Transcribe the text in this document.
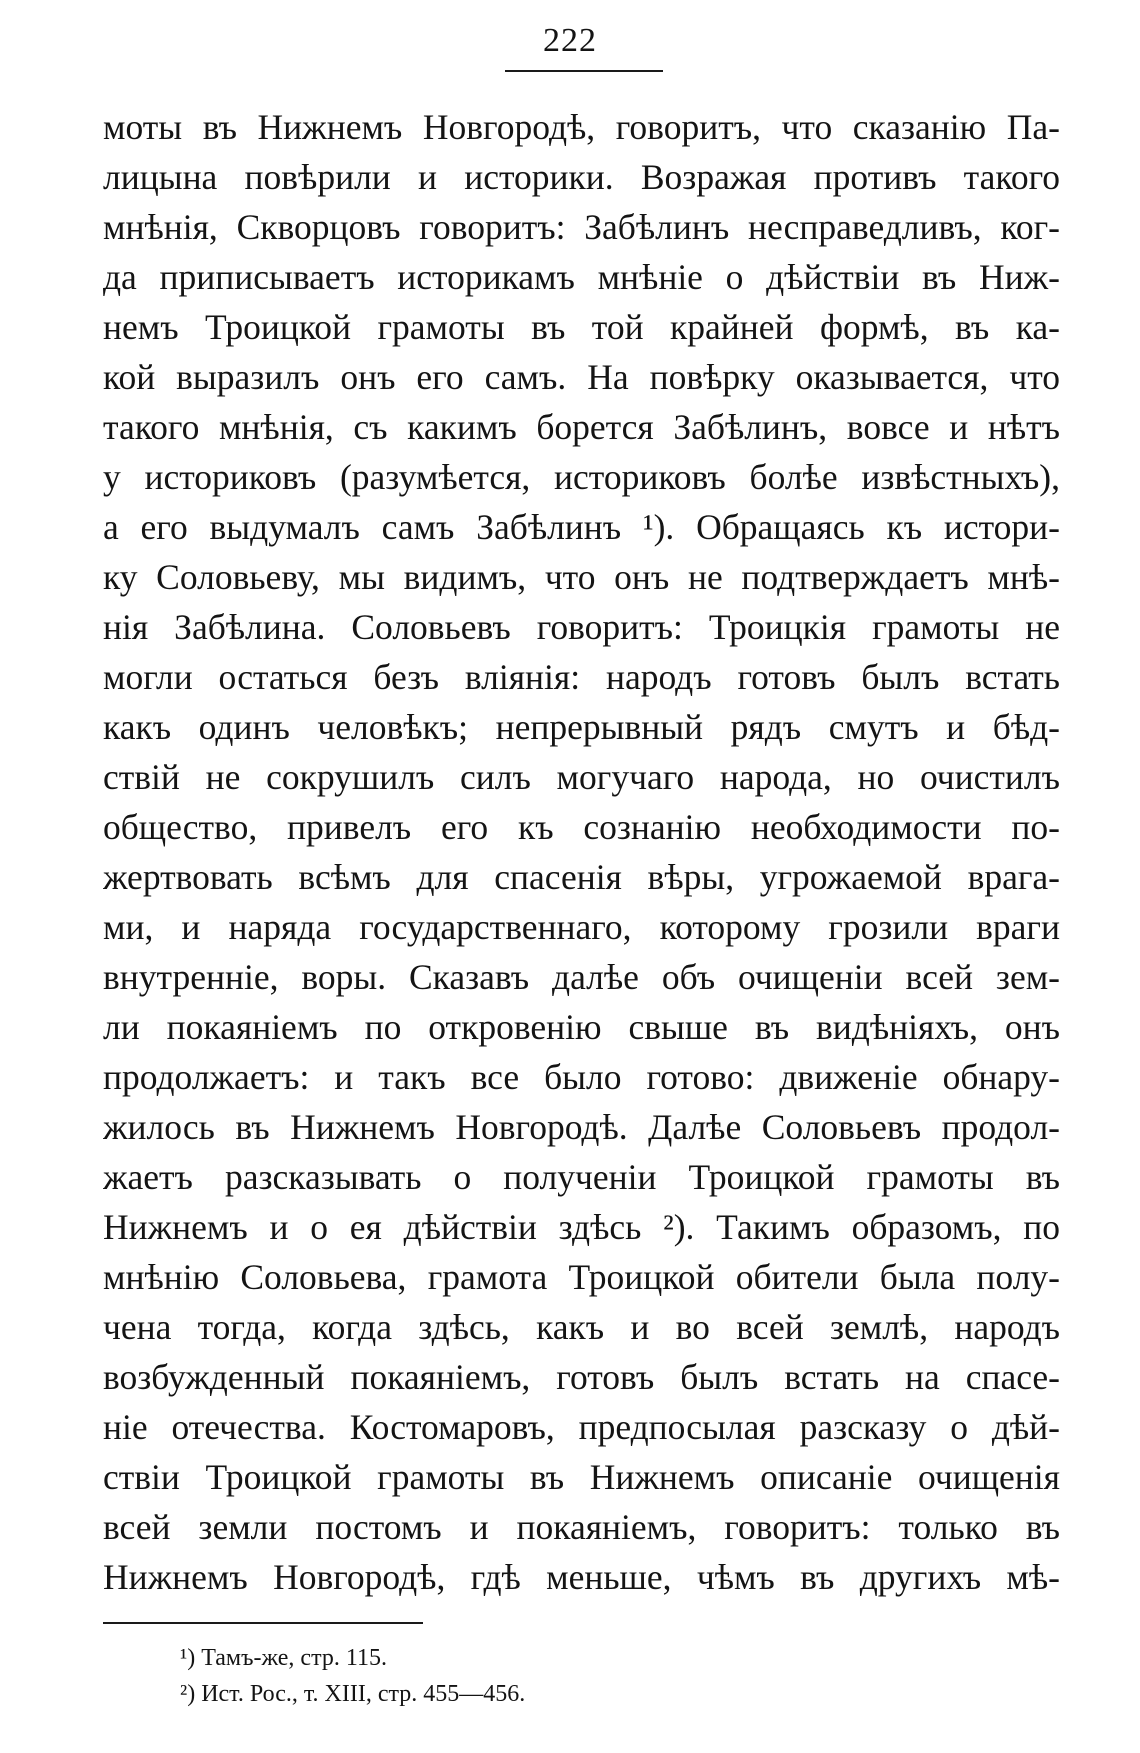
222
моты въ Нижнемъ Новгородѣ, говоритъ, что сказанію Па-
лицына повѣрили и историки. Возражая противъ такого
мнѣнія, Скворцовъ говоритъ: Забѣлинъ несправедливъ, ког-
да приписываетъ историкамъ мнѣніе о дѣйствіи въ Ниж-
немъ Троицкой грамоты въ той крайней формѣ, въ ка-
кой выразилъ онъ его самъ. На повѣрку оказывается, что
такого мнѣнія, съ какимъ борется Забѣлинъ, вовсе и нѣтъ
у историковъ (разумѣется, историковъ болѣе извѣстныхъ),
а его выдумалъ самъ Забѣлинъ ¹). Обращаясь къ истори-
ку Соловьеву, мы видимъ, что онъ не подтверждаетъ мнѣ-
нія Забѣлина. Соловьевъ говоритъ: Троицкія грамоты не
могли остаться безъ вліянія: народъ готовъ былъ встать
какъ одинъ человѣкъ; непрерывный рядъ смутъ и бѣд-
ствій не сокрушилъ силъ могучаго народа, но очистилъ
общество, привелъ его къ сознанію необходимости по-
жертвовать всѣмъ для спасенія вѣры, угрожаемой врага-
ми, и наряда государственнаго, которому грозили враги
внутренніе, воры. Сказавъ далѣе объ очищеніи всей зем-
ли покаяніемъ по откровенію свыше въ видѣніяхъ, онъ
продолжаетъ: и такъ все было готово: движеніе обнару-
жилось въ Нижнемъ Новгородѣ. Далѣе Соловьевъ продол-
жаетъ разсказывать о полученіи Троицкой грамоты въ
Нижнемъ и о ея дѣйствіи здѣсь ²). Такимъ образомъ, по
мнѣнію Соловьева, грамота Троицкой обители была полу-
чена тогда, когда здѣсь, какъ и во всей землѣ, народъ
возбужденный покаяніемъ, готовъ былъ встать на спасе-
ніе отечества. Костомаровъ, предпосылая разсказу о дѣй-
ствіи Троицкой грамоты въ Нижнемъ описаніе очищенія
всей земли постомъ и покаяніемъ, говоритъ: только въ
Нижнемъ Новгородѣ, гдѣ меньше, чѣмъ въ другихъ мѣ-
¹) Тамъ-же, стр. 115.
²) Ист. Рос., т. XIII, стр. 455—456.
